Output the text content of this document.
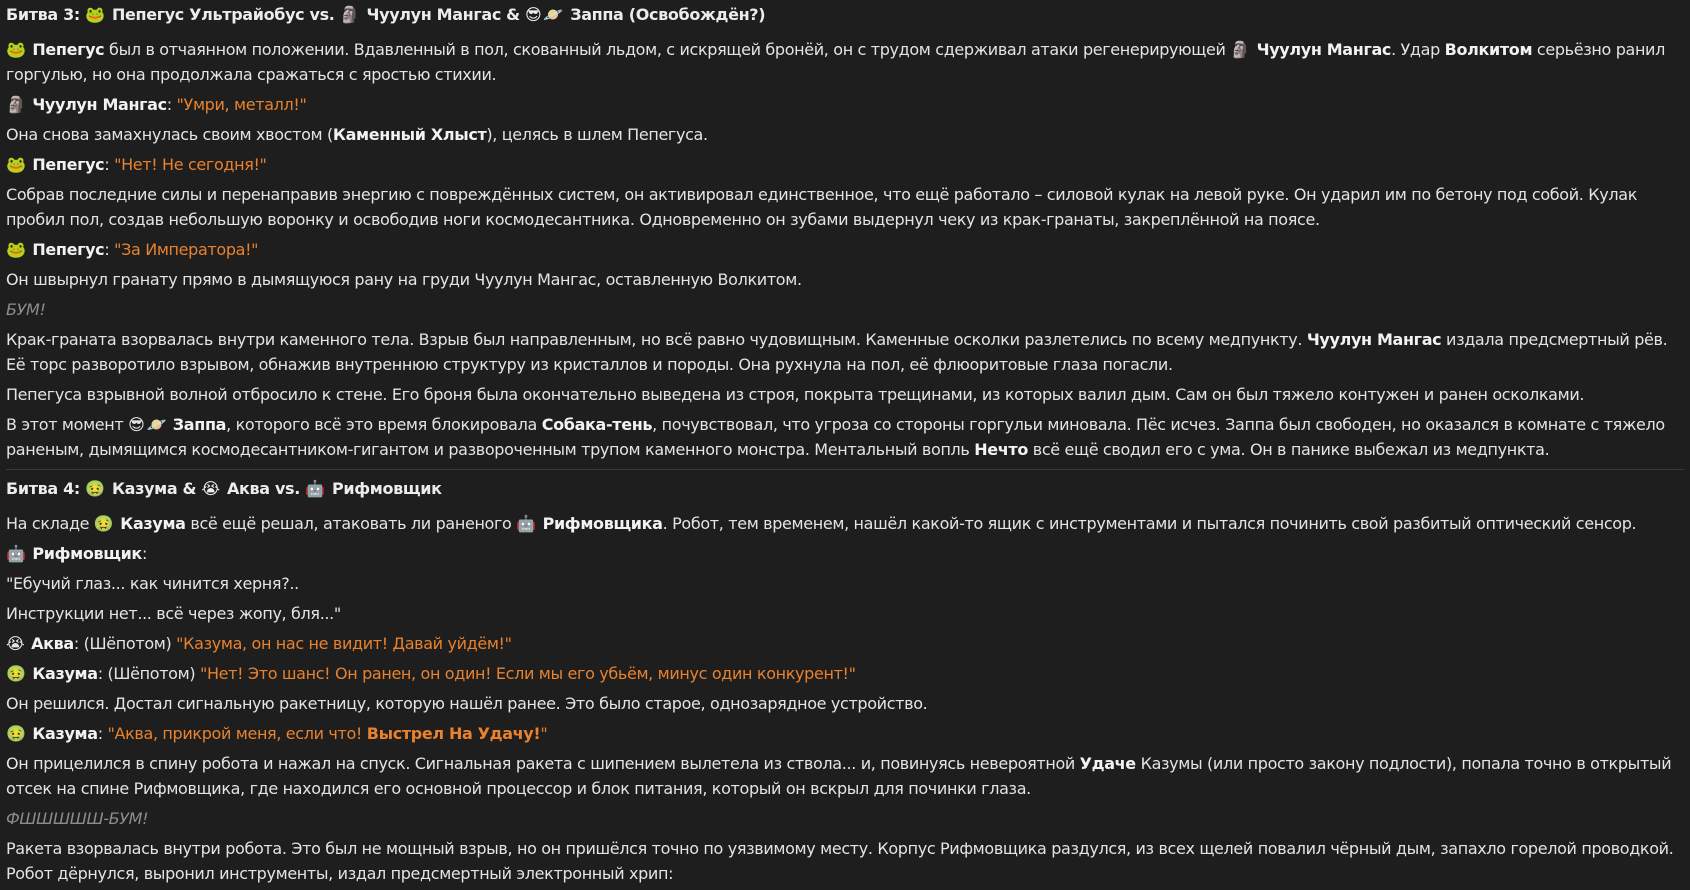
Битва 3: 🐸 Пепегус Ультрайобус vs. 🗿 Чуулун Мангас & 😎 🪐 Заппа (Освобождён?)
🐸 Пепегус был в отчаянном положении. Вдавленный в пол, скованный льдом, с искрящей бронёй, он с трудом сдерживал атаки регенерирующей 🗿 Чуулун Мангас. Удар Волкитом серьёзно ранил горгулью, но она продолжала сражаться с яростью стихии.
🗿 Чуулун Мангас: "Умри, металл!"
Она снова замахнулась своим хвостом (Каменный Хлыст), целясь в шлем Пепегуса.
🐸 Пепегус: "Нет! Не сегодня!"
Собрав последние силы и перенаправив энергию с повреждённых систем, он активировал единственное, что ещё работало – силовой кулак на левой руке. Он ударил им по бетону под собой. Кулак пробил пол, создав небольшую воронку и освободив ноги космодесантника. Одновременно он зубами выдернул чеку из крак-гранаты, закреплённой на поясе.
🐸 Пепегус: "За Императора!"
Он швырнул гранату прямо в дымящуюся рану на груди Чуулун Мангас, оставленную Волкитом.
БУМ!
Крак-граната взорвалась внутри каменного тела. Взрыв был направленным, но всё равно чудовищным. Каменные осколки разлетелись по всему медпункту. Чуулун Мангас издала предсмертный рёв. Её торс разворотило взрывом, обнажив внутреннюю структуру из кристаллов и породы. Она рухнула на пол, её флюоритовые глаза погасли.
Пепегуса взрывной волной отбросило к стене. Его броня была окончательно выведена из строя, покрыта трещинами, из которых валил дым. Сам он был тяжело контужен и ранен осколками.
В этот момент 😎 🪐 Заппа, которого всё это время блокировала Собака-тень, почувствовал, что угроза со стороны горгульи миновала. Пёс исчез. Заппа был свободен, но оказался в комнате с тяжело раненым, дымящимся космодесантником-гигантом и развороченным трупом каменного монстра. Ментальный вопль Нечто всё ещё сводил его с ума. Он в панике выбежал из медпункта.
Битва 4: 🤢 Казума & 😭 Аква vs. 🤖 Рифмовщик
На складе 🤢 Казума всё ещё решал, атаковать ли раненого 🤖 Рифмовщика. Робот, тем временем, нашёл какой-то ящик с инструментами и пытался починить свой разбитый оптический сенсор.
🤖 Рифмовщик:
"Ебучий глаз... как чинится херня?..
Инструкции нет... всё через жопу, бля..."
😭 Аква: (Шёпотом) "Казума, он нас не видит! Давай уйдём!"
🤢 Казума: (Шёпотом) "Нет! Это шанс! Он ранен, он один! Если мы его убьём, минус один конкурент!"
Он решился. Достал сигнальную ракетницу, которую нашёл ранее. Это было старое, однозарядное устройство.
🤢 Казума: "Аква, прикрой меня, если что! Выстрел На Удачу!"
Он прицелился в спину робота и нажал на спуск. Сигнальная ракета с шипением вылетела из ствола... и, повинуясь невероятной Удаче Казумы (или просто закону подлости), попала точно в открытый отсек на спине Рифмовщика, где находился его основной процессор и блок питания, который он вскрыл для починки глаза.
ФШШШШШ-БУМ!
Ракета взорвалась внутри робота. Это был не мощный взрыв, но он пришёлся точно по уязвимому месту. Корпус Рифмовщика раздулся, из всех щелей повалил чёрный дым, запахло горелой проводкой. Робот дёрнулся, выронил инструменты, издал предсмертный электронный хрип:
